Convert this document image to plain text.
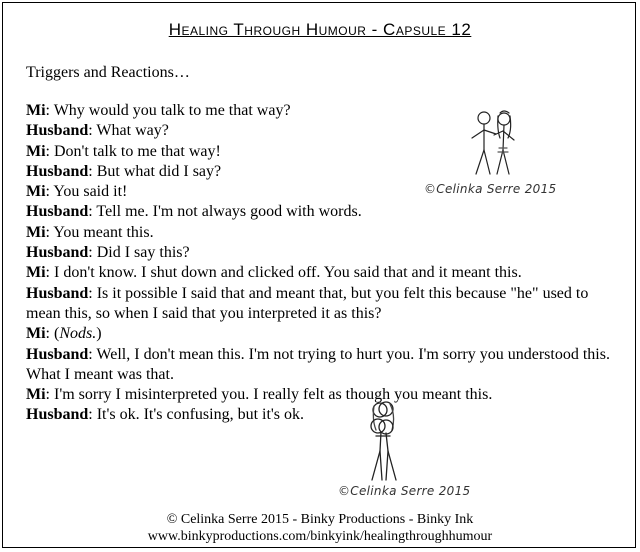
Healing Through Humour - Capsule 12
Triggers and Reactions…

Mi: Why would you talk to me that way?

Husband: What way?

Mi: Don't talk to me that way!

Husband: But what did I say?

Mi: You said it!

Husband: Tell me. I'm not always good with words.

Mi: You meant this.

Husband: Did I say this?

Mi: I don't know. I shut down and clicked off. You said that and it meant this.

Husband: Is it possible I said that and meant that, but you felt this because "he" used to mean this, so when I said that you interpreted it as this?

Mi: (Nods.)

Husband: Well, I don't mean this. I'm not trying to hurt you. I'm sorry you understood this. What I meant was that.

Mi: I'm sorry I misinterpreted you. I really felt as though you meant this.

Husband: It's ok. It's confusing, but it's ok.

©Celinka Serre 2015
©Celinka Serre 2015
© Celinka Serre 2015 - Binky Productions - Binky Ink
www.binkyproductions.com/binkyink/healingthroughhumour
